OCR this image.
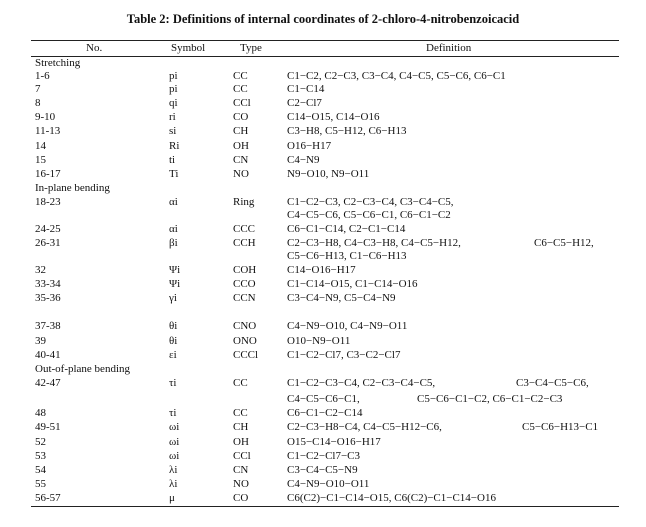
Table 2: Definitions of internal coordinates of 2-chloro-4-nitrobenzoicacid
No.	Symbol	Type	Definition
Stretching
1-6	pi	CC	C1−C2, C2−C3, C3−C4, C4−C5, C5−C6, C6−C1
7	pi	CC	C1−C14
8	qi	CCl	C2−Cl7
9-10	ri	CO	C14−O15, C14−O16
11-13	si	CH	C3−H8, C5−H12, C6−H13
14	Ri	OH	O16−H17
15	ti	CN	C4−N9
16-17	Ti	NO	N9−O10, N9−O11
In-plane bending
18-23	αi	Ring	C1−C2−C3, C2−C3−C4, C3−C4−C5,
C4−C5−C6, C5−C6−C1, C6−C1−C2
24-25	αi	CCC	C6−C1−C14, C2−C1−C14
26-31	βi	CCH	C2−C3−H8, C4−C3−H8, C4−C5−H12,	C6−C5−H12,
C5−C6−H13, C1−C6−H13
32	Ψi	COH	C14−O16−H17
33-34	Ψi	CCO	C1−C14−O15, C1−C14−O16
35-36	γi	CCN	C3−C4−N9, C5−C4−N9
37-38	θi	CNO	C4−N9−O10, C4−N9−O11
39	θi	ONO	O10−N9−O11
40-41	εi	CCCl	C1−C2−Cl7, C3−C2−Cl7
Out-of-plane bending
42-47	τi	CC	C1−C2−C3−C4, C2−C3−C4−C5,	C3−C4−C5−C6,
C4−C5−C6−C1,	C5−C6−C1−C2, C6−C1−C2−C3
48	τi	CC	C6−C1−C2−C14
49-51	ωi	CH	C2−C3−H8−C4, C4−C5−H12−C6,	C5−C6−H13−C1
52	ωi	OH	O15−C14−O16−H17
53	ωi	CCl	C1−C2−Cl7−C3
54	λi	CN	C3−C4−C5−N9
55	λi	NO	C4−N9−O10−O11
56-57	μ	CO	C6(C2)−C1−C14−O15, C6(C2)−C1−C14−O16
